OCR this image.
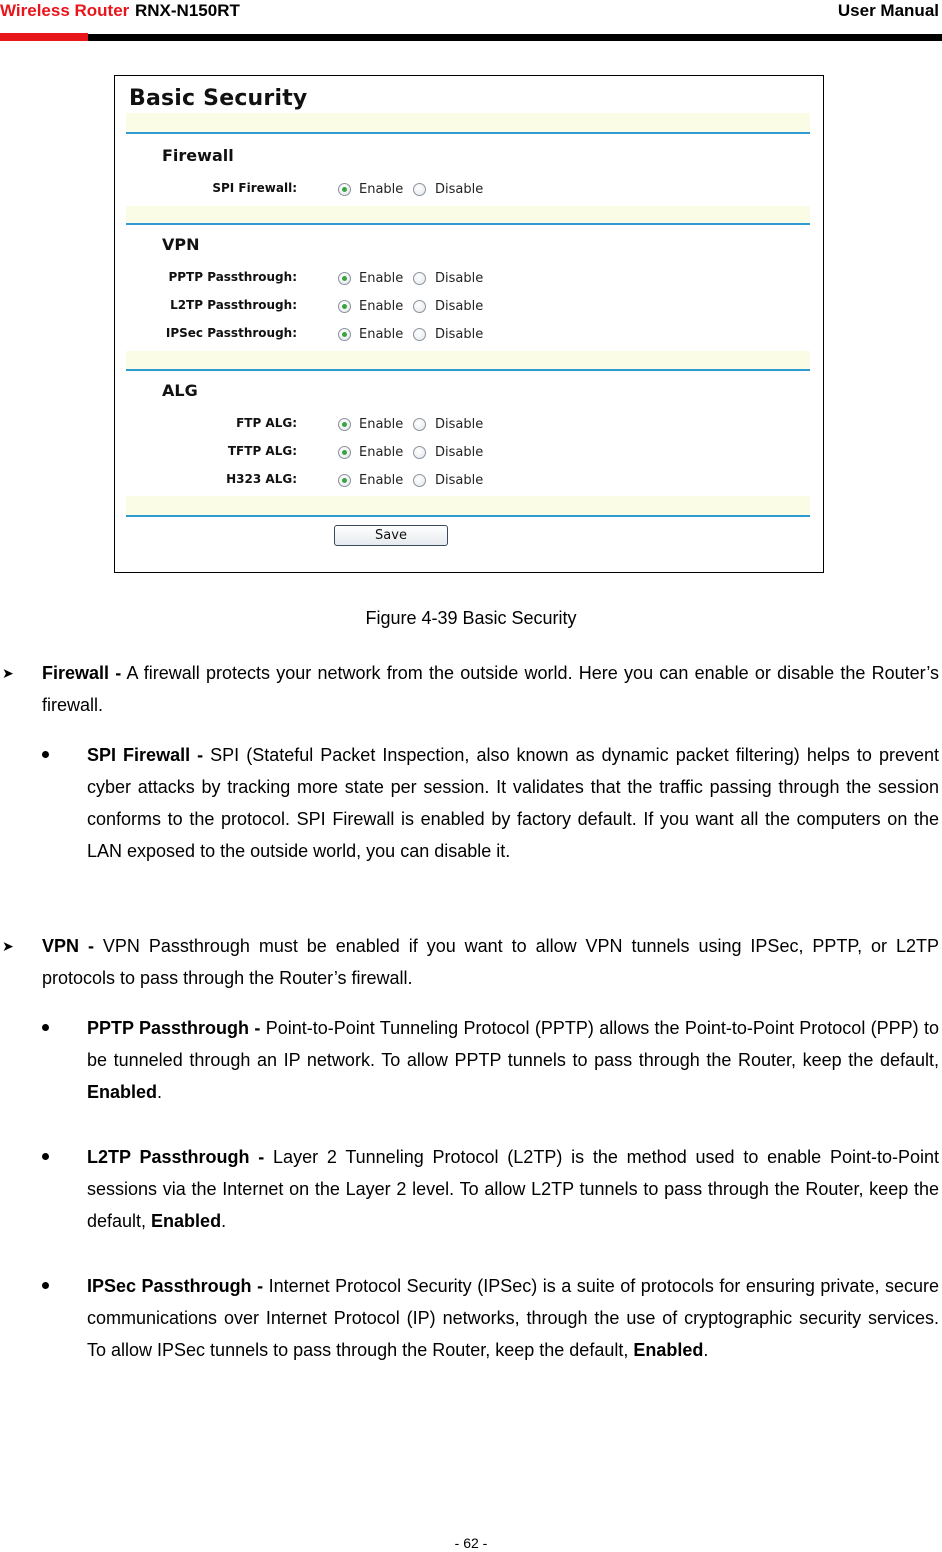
Wireless Router RNX-N150RT	User Manual
Basic Security
Firewall
SPI Firewall:	Enable Disable
VPN
PPTP Passthrough:	Enable Disable
L2TP Passthrough:	Enable Disable
IPSec Passthrough:	Enable Disable
ALG
FTP ALG:	Enable Disable
TFTP ALG:	Enable Disable
H323 ALG:	Enable Disable
Save
Figure 4-39 Basic Security
➤ Firewall - A firewall protects your network from the outside world. Here you can enable or disable the Router’s firewall.

SPI Firewall - SPI (Stateful Packet Inspection, also known as dynamic packet filtering) helps to prevent cyber attacks by tracking more state per session. It validates that the traffic passing through the session conforms to the protocol. SPI Firewall is enabled by factory default. If you want all the computers on the LAN exposed to the outside world, you can disable it.

➤ VPN - VPN Passthrough must be enabled if you want to allow VPN tunnels using IPSec, PPTP, or L2TP protocols to pass through the Router’s firewall.

PPTP Passthrough - Point-to-Point Tunneling Protocol (PPTP) allows the Point-to-Point Protocol (PPP) to be tunneled through an IP network. To allow PPTP tunnels to pass through the Router, keep the default, Enabled.

L2TP Passthrough - Layer 2 Tunneling Protocol (L2TP) is the method used to enable Point-to-Point sessions via the Internet on the Layer 2 level. To allow L2TP tunnels to pass through the Router, keep the default, Enabled.

IPSec Passthrough - Internet Protocol Security (IPSec) is a suite of protocols for ensuring private, secure communications over Internet Protocol (IP) networks, through the use of cryptographic security services. To allow IPSec tunnels to pass through the Router, keep the default, Enabled.

- 62 -
